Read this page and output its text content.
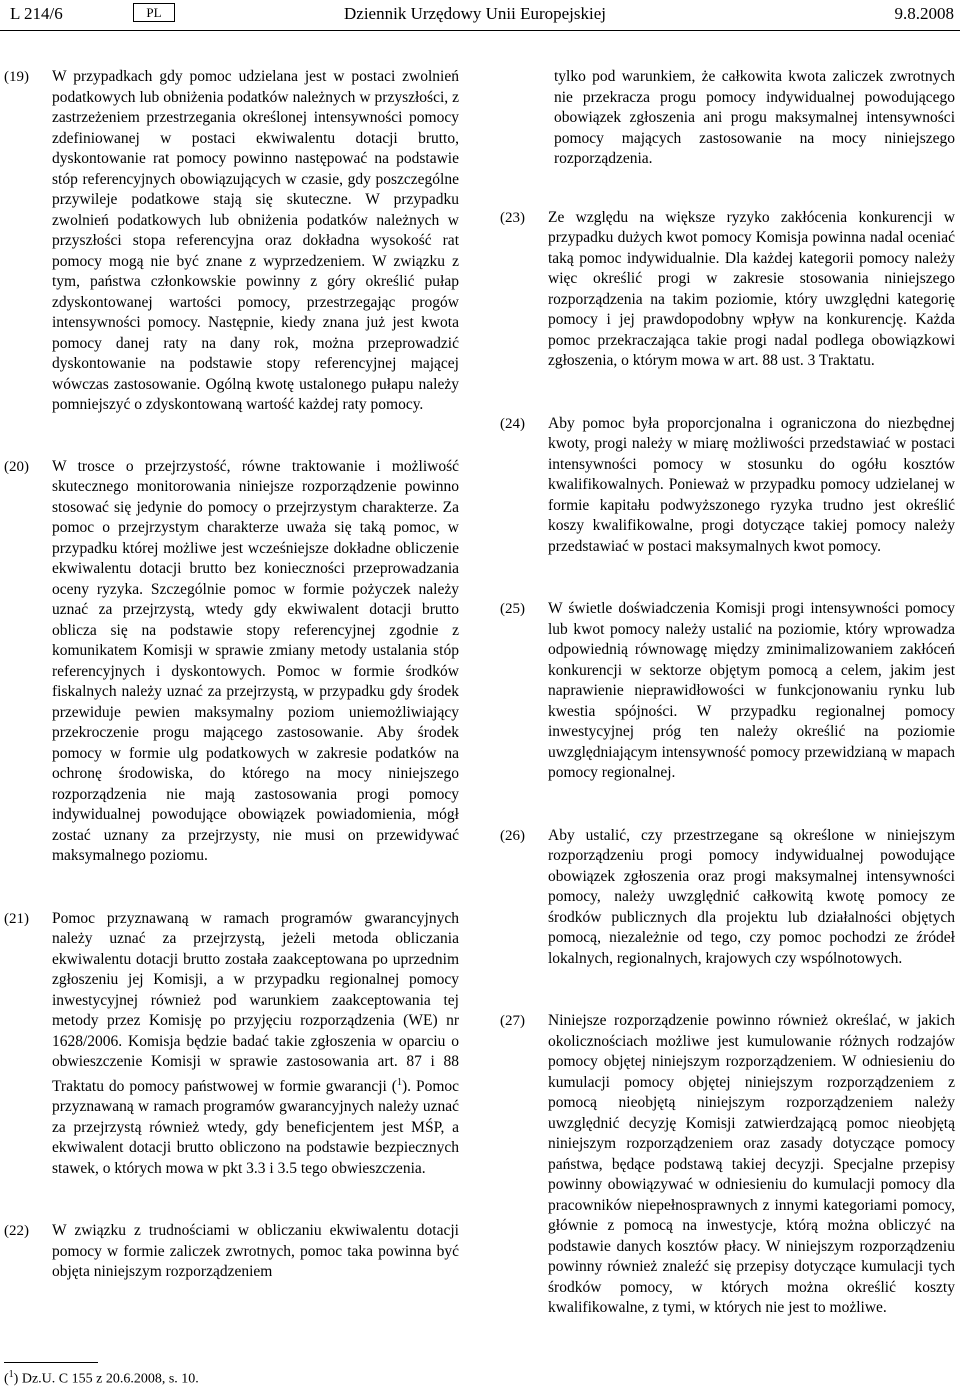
L 214/6	PL	Dziennik Urzędowy Unii Europejskiej	9.8.2008
(19) W przypadkach gdy pomoc udzielana jest w postaci zwolnień podatkowych lub obniżenia podatków należnych w przyszłości, z zastrzeżeniem przestrzegania określonej intensywności pomocy zdefiniowanej w postaci ekwiwalentu dotacji brutto, dyskontowanie rat pomocy powinno następować na podstawie stóp referencyjnych obowiązujących w czasie, gdy poszczególne przywileje podatkowe stają się skuteczne. W przypadku zwolnień podatkowych lub obniżenia podatków należnych w przyszłości stopa referencyjna oraz dokładna wysokość rat pomocy mogą nie być znane z wyprzedzeniem. W związku z tym, państwa członkowskie powinny z góry określić pułap zdyskontowanej wartości pomocy, przestrzegając progów intensywności pomocy. Następnie, kiedy znana już jest kwota pomocy danej raty na dany rok, można przeprowadzić dyskontowanie na podstawie stopy referencyjnej mającej wówczas zastosowanie. Ogólną kwotę ustalonego pułapu należy pomniejszyć o zdyskontowaną wartość każdej raty pomocy.
(20) W trosce o przejrzystość, równe traktowanie i możliwość skutecznego monitorowania niniejsze rozporządzenie powinno stosować się jedynie do pomocy o przejrzystym charakterze. Za pomoc o przejrzystym charakterze uważa się taką pomoc, w przypadku której możliwe jest wcześniejsze dokładne obliczenie ekwiwalentu dotacji brutto bez konieczności przeprowadzania oceny ryzyka. Szczególnie pomoc w formie pożyczek należy uznać za przejrzystą, wtedy gdy ekwiwalent dotacji brutto oblicza się na podstawie stopy referencyjnej zgodnie z komunikatem Komisji w sprawie zmiany metody ustalania stóp referencyjnych i dyskontowych. Pomoc w formie środków fiskalnych należy uznać za przejrzystą, w przypadku gdy środek przewiduje pewien maksymalny poziom uniemożliwiający przekroczenie progu mającego zastosowanie. Aby środek pomocy w formie ulg podatkowych w zakresie podatków na ochronę środowiska, do którego na mocy niniejszego rozporządzenia nie mają zastosowania progi pomocy indywidualnej powodujące obowiązek powiadomienia, mógł zostać uznany za przejrzysty, nie musi on przewidywać maksymalnego poziomu.
(21) Pomoc przyznawaną w ramach programów gwarancyjnych należy uznać za przejrzystą, jeżeli metoda obliczania ekwiwalentu dotacji brutto została zaakceptowana po uprzednim zgłoszeniu jej Komisji, a w przypadku regionalnej pomocy inwestycyjnej również pod warunkiem zaakceptowania tej metody przez Komisję po przyjęciu rozporządzenia (WE) nr 1628/2006. Komisja będzie badać takie zgłoszenia w oparciu o obwieszczenie Komisji w sprawie zastosowania art. 87 i 88 Traktatu do pomocy państwowej w formie gwarancji ($^1$). Pomoc przyznawaną w ramach programów gwarancyjnych należy uznać za przejrzystą również wtedy, gdy beneficjentem jest MŚP, a ekwiwalent dotacji brutto obliczono na podstawie bezpiecznych stawek, o których mowa w pkt 3.3 i 3.5 tego obwieszczenia.
(22) W związku z trudnościami w obliczaniu ekwiwalentu dotacji pomocy w formie zaliczek zwrotnych, pomoc taka powinna być objęta niniejszym rozporządzeniem
tylko pod warunkiem, że całkowita kwota zaliczek zwrotnych nie przekracza progu pomocy indywidualnej powodującego obowiązek zgłoszenia ani progu maksymalnej intensywności pomocy mających zastosowanie na mocy niniejszego rozporządzenia.
(23) Ze względu na większe ryzyko zakłócenia konkurencji w przypadku dużych kwot pomocy Komisja powinna nadal oceniać taką pomoc indywidualnie. Dla każdej kategorii pomocy należy więc określić progi w zakresie stosowania niniejszego rozporządzenia na takim poziomie, który uwzględni kategorię pomocy i jej prawdopodobny wpływ na konkurencję. Każda pomoc przekraczająca takie progi nadal podlega obowiązkowi zgłoszenia, o którym mowa w art. 88 ust. 3 Traktatu.
(24) Aby pomoc była proporcjonalna i ograniczona do niezbędnej kwoty, progi należy w miarę możliwości przedstawiać w postaci intensywności pomocy w stosunku do ogółu kosztów kwalifikowalnych. Ponieważ w przypadku pomocy udzielanej w formie kapitału podwyższonego ryzyka trudno jest określić koszy kwalifikowalne, progi dotyczące takiej pomocy należy przedstawiać w postaci maksymalnych kwot pomocy.
(25) W świetle doświadczenia Komisji progi intensywności pomocy lub kwot pomocy należy ustalić na poziomie, który wprowadza odpowiednią równowagę między zminimalizowaniem zakłóceń konkurencji w sektorze objętym pomocą a celem, jakim jest naprawienie nieprawidłowości w funkcjonowaniu rynku lub kwestia spójności. W przypadku regionalnej pomocy inwestycyjnej próg ten należy określić na poziomie uwzględniającym intensywność pomocy przewidzianą w mapach pomocy regionalnej.
(26) Aby ustalić, czy przestrzegane są określone w niniejszym rozporządzeniu progi pomocy indywidualnej powodujące obowiązek zgłoszenia oraz progi maksymalnej intensywności pomocy, należy uwzględnić całkowitą kwotę pomocy ze środków publicznych dla projektu lub działalności objętych pomocą, niezależnie od tego, czy pomoc pochodzi ze źródeł lokalnych, regionalnych, krajowych czy wspólnotowych.
(27) Niniejsze rozporządzenie powinno również określać, w jakich okolicznościach możliwe jest kumulowanie różnych rodzajów pomocy objętej niniejszym rozporządzeniem. W odniesieniu do kumulacji pomocy objętej niniejszym rozporządzeniem z pomocą nieobjętą niniejszym rozporządzeniem należy uwzględnić decyzję Komisji zatwierdzającą pomoc nieobjętą niniejszym rozporządzeniem oraz zasady dotyczące pomocy państwa, będące podstawą takiej decyzji. Specjalne przepisy powinny obowiązywać w odniesieniu do kumulacji pomocy dla pracowników niepełnosprawnych z innymi kategoriami pomocy, głównie z pomocą na inwestycje, którą można obliczyć na podstawie danych kosztów płacy. W niniejszym rozporządzeniu powinny również znaleźć się przepisy dotyczące kumulacji tych środków pomocy, w których można określić koszty kwalifikowalne, z tymi, w których nie jest to możliwe.
($^1$) Dz.U. C 155 z 20.6.2008, s. 10.
